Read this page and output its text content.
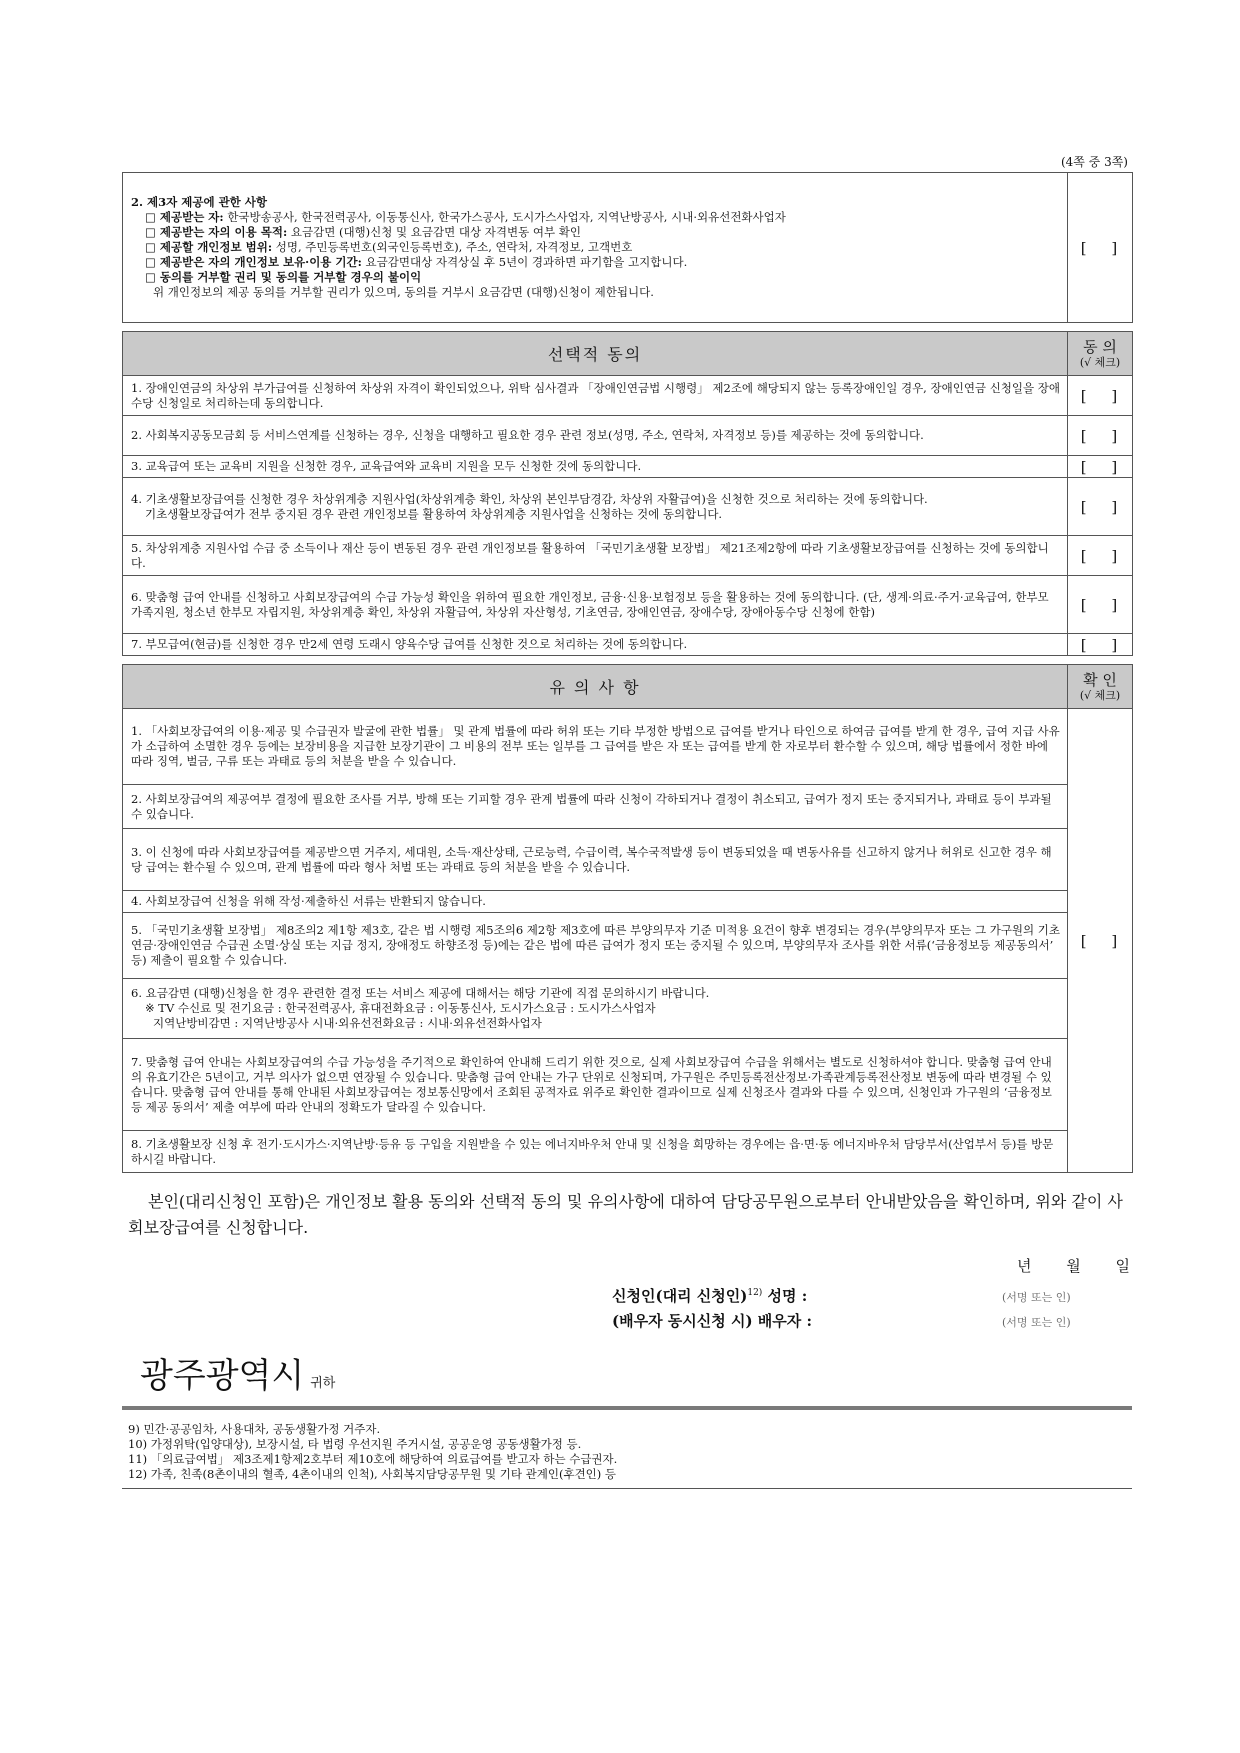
(4쪽 중 3쪽)
2. 제3자 제공에 관한 사항
□ 제공받는 자: 한국방송공사, 한국전력공사, 이동통신사, 한국가스공사, 도시가스사업자, 지역난방공사, 시내·외유선전화사업자
□ 제공받는 자의 이용 목적: 요금감면 (대행)신청 및 요금감면 대상 자격변동 여부 확인
□ 제공할 개인정보 범위: 성명, 주민등록번호(외국인등록번호), 주소, 연락처, 자격정보, 고객번호
□ 제공받은 자의 개인정보 보유·이용 기간: 요금감면대상 자격상실 후 5년이 경과하면 파기함을 고지합니다.
□ 동의를 거부할 권리 및 동의를 거부할 경우의 불이익
위 개인정보의 제공 동의를 거부할 권리가 있으며, 동의를 거부시 요금감면 (대행)신청이 제한됩니다.
	[ ]
선택적 동의	동 의
(√ 체크)

1. 장애인연금의 차상위 부가급여를 신청하여 차상위 자격이 확인되었으나, 위탁 심사결과 「장애인연금법 시행령」 제2조에 해당되지 않는 등록장애인일 경우, 장애인연금 신청일을 장애수당 신청일로 처리하는데 동의합니다.	[ ]
2. 사회복지공동모금회 등 서비스연계를 신청하는 경우, 신청을 대행하고 필요한 경우 관련 정보(성명, 주소, 연락처, 자격정보 등)를 제공하는 것에 동의합니다.	[ ]
3. 교육급여 또는 교육비 지원을 신청한 경우, 교육급여와 교육비 지원을 모두 신청한 것에 동의합니다.	[ ]
4. 기초생활보장급여를 신청한 경우 차상위계층 지원사업(차상위계층 확인, 차상위 본인부담경감, 차상위 자활급여)을 신청한 것으로 처리하는 것에 동의합니다.
기초생활보장급여가 전부 중지된 경우 관련 개인정보를 활용하여 차상위계층 지원사업을 신청하는 것에 동의합니다.	[ ]
5. 차상위계층 지원사업 수급 중 소득이나 재산 등이 변동된 경우 관련 개인정보를 활용하여 「국민기초생활 보장법」 제21조제2항에 따라 기초생활보장급여를 신청하는 것에 동의합니다.	[ ]
6. 맞춤형 급여 안내를 신청하고 사회보장급여의 수급 가능성 확인을 위하여 필요한 개인정보, 금융·신용·보험정보 등을 활용하는 것에 동의합니다. (단, 생계·의료·주거·교육급여, 한부모 가족지원, 청소년 한부모 자립지원, 차상위계층 확인, 차상위 자활급여, 차상위 자산형성, 기초연금, 장애인연금, 장애수당, 장애아동수당 신청에 한함)	[ ]
7. 부모급여(현금)를 신청한 경우 만2세 연령 도래시 양육수당 급여를 신청한 것으로 처리하는 것에 동의합니다.	[ ]
유 의 사 항	확 인
(√ 체크)

1. 「사회보장급여의 이용·제공 및 수급권자 발굴에 관한 법률」 및 관계 법률에 따라 허위 또는 기타 부정한 방법으로 급여를 받거나 타인으로 하여금 급여를 받게 한 경우, 급여 지급 사유가 소급하여 소멸한 경우 등에는 보장비용을 지급한 보장기관이 그 비용의 전부 또는 일부를 그 급여를 받은 자 또는 급여를 받게 한 자로부터 환수할 수 있으며, 해당 법률에서 정한 바에 따라 징역, 벌금, 구류 또는 과태료 등의 처분을 받을 수 있습니다.	[ ]
2. 사회보장급여의 제공여부 결정에 필요한 조사를 거부, 방해 또는 기피할 경우 관계 법률에 따라 신청이 각하되거나 결정이 취소되고, 급여가 정지 또는 중지되거나, 과태료 등이 부과될 수 있습니다.	
3. 이 신청에 따라 사회보장급여를 제공받으면 거주지, 세대원, 소득·재산상태, 근로능력, 수급이력, 복수국적발생 등이 변동되었을 때 변동사유를 신고하지 않거나 허위로 신고한 경우 해당 급여는 환수될 수 있으며, 관계 법률에 따라 형사 처벌 또는 과태료 등의 처분을 받을 수 있습니다.	
4. 사회보장급여 신청을 위해 작성·제출하신 서류는 반환되지 않습니다.	
5. 「국민기초생활 보장법」 제8조의2 제1항 제3호, 같은 법 시행령 제5조의6 제2항 제3호에 따른 부양의무자 기준 미적용 요건이 향후 변경되는 경우(부양의무자 또는 그 가구원의 기초연금·장애인연금 수급권 소멸·상실 또는 지급 정지, 장애정도 하향조정 등)에는 같은 법에 따른 급여가 정지 또는 중지될 수 있으며, 부양의무자 조사를 위한 서류(‘금융정보등 제공동의서’ 등) 제출이 필요할 수 있습니다.	
6. 요금감면 (대행)신청을 한 경우 관련한 결정 또는 서비스 제공에 대해서는 해당 기관에 직접 문의하시기 바랍니다.
※ TV 수신료 및 전기요금 : 한국전력공사, 휴대전화요금 : 이동통신사, 도시가스요금 : 도시가스사업자
지역난방비감면 : 지역난방공사 시내·외유선전화요금 : 시내·외유선전화사업자	

7. 맞춤형 급여 안내는 사회보장급여의 수급 가능성을 주기적으로 확인하여 안내해 드리기 위한 것으로, 실제 사회보장급여 수급을 위해서는 별도로 신청하셔야 합니다. 맞춤형 급여 안내의 유효기간은 5년이고, 거부 의사가 없으면 연장될 수 있습니다. 맞춤형 급여 안내는 가구 단위로 신청되며, 가구원은 주민등록전산정보·가족관계등록전산정보 변동에 따라 변경될 수 있습니다. 맞춤형 급여 안내를 통해 안내된 사회보장급여는 정보통신망에서 조회된 공적자료 위주로 확인한 결과이므로 실제 신청조사 결과와 다를 수 있으며, 신청인과 가구원의 ‘금융정보 등 제공 동의서’ 제출 여부에 따라 안내의 정확도가 달라질 수 있습니다.	
8. 기초생활보장 신청 후 전기·도시가스·지역난방·등유 등 구입을 지원받을 수 있는 에너지바우처 안내 및 신청을 희망하는 경우에는 읍·면·동 에너지바우처 담당부서(산업부서 등)를 방문하시길 바랍니다.	
본인(대리신청인 포함)은 개인정보 활용 동의와 선택적 동의 및 유의사항에 대하여 담당공무원으로부터 안내받았음을 확인하며, 위와 같이 사회보장급여를 신청합니다.
년 월 일
신청인(대리 신청인)$^{12)}$ 성명 :	(서명 또는 인)
(배우자 동시신청 시) 배우자 :	(서명 또는 인)
광주광역시 귀하
9) 민간·공공임차, 사용대차, 공동생활가정 거주자.
10) 가정위탁(입양대상), 보장시설, 타 법령 우선지원 주거시설, 공공운영 공동생활가정 등.
11) 「의료급여법」 제3조제1항제2호부터 제10호에 해당하여 의료급여를 받고자 하는 수급권자.
12) 가족, 친족(8촌이내의 혈족, 4촌이내의 인척), 사회복지담당공무원 및 기타 관계인(후견인) 등
